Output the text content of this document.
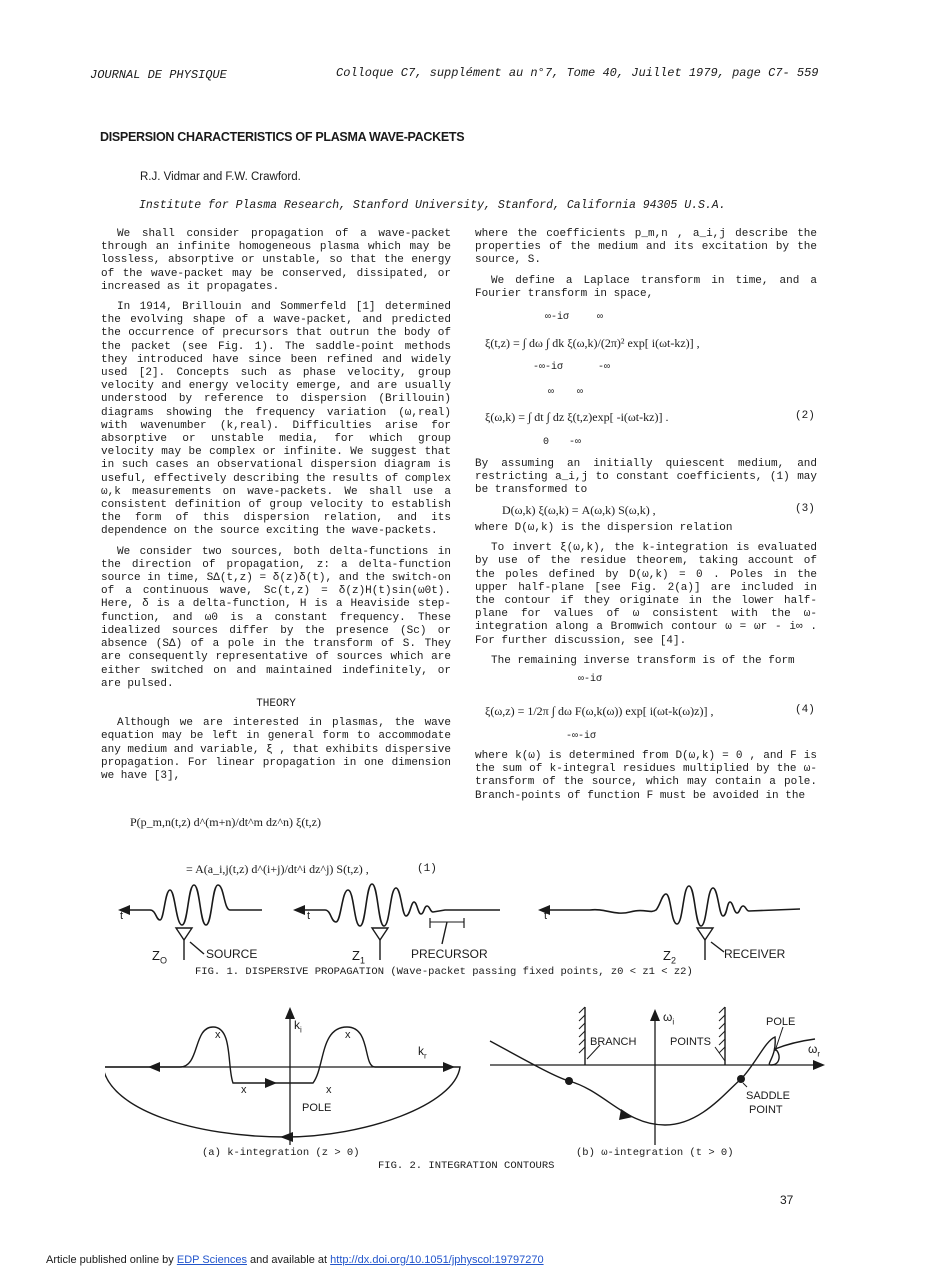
JOURNAL DE PHYSIQUE	Colloque C7, supplément au n°7, Tome 40, Juillet 1979, page C7- 559
DISPERSION CHARACTERISTICS OF PLASMA WAVE-PACKETS
R.J. Vidmar and F.W. Crawford.
Institute for Plasma Research, Stanford University, Stanford, California 94305 U.S.A.

We shall consider propagation of a wave-packet through an infinite homogeneous plasma which may be lossless, absorptive or unstable, so that the energy of the wave-packet may be conserved, dissipated, or increased as it propagates.

In 1914, Brillouin and Sommerfeld [1] determined the evolving shape of a wave-packet, and predicted the occurrence of precursors that outrun the body of the packet (see Fig. 1). The saddle-point methods they introduced have since been refined and widely used [2]. Concepts such as phase velocity, group velocity and energy velocity emerge, and are usually understood by reference to dispersion (Brillouin) diagrams showing the frequency variation (ω,real) with wavenumber (k,real). Difficulties arise for absorptive or unstable media, for which group velocity may be complex or infinite. We suggest that in such cases an observational dispersion diagram is useful, effectively describing the results of complex ω,k measurements on wave-packets. We shall use a consistent definition of group velocity to establish the form of this dispersion relation, and its dependence on the source exciting the wave-packets.

We consider two sources, both delta-functions in the direction of propagation, z: a delta-function source in time, SΔ(t,z) = δ(z)δ(t), and the switch-on of a continuous wave, Sc(t,z) = δ(z)H(t)sin(ω0t). Here, δ is a delta-function, H is a Heaviside step-function, and ω0 is a constant frequency. These idealized sources differ by the presence (Sc) or absence (SΔ) of a pole in the transform of S. They are consequently representative of sources which are either switched on and maintained indefinitely, or are pulsed.

THEORY

Although we are interested in plasmas, the wave equation may be left in general form to accommodate any medium and variable, ξ , that exhibits dispersive propagation. For linear propagation in one dimension we have [3],

P(p_m,n(t,z) d^(m+n)/dt^m dz^n) ξ(t,z)
= A(a_i,j(t,z) d^(i+j)/dt^i dz^j) S(t,z) ,	(1)

where the coefficients p_m,n , a_i,j describe the properties of the medium and its excitation by the source, S.

We define a Laplace transform in time, and a Fourier transform in space,

∞-iσ	∞
ξ(t,z) = ∫ dω ∫ dk ξ(ω,k)/(2π)² exp[ i(ωt-kz)] ,
-∞-iσ	-∞
∞ ∞
ξ(ω,k) = ∫ dt ∫ dz ξ(t,z)exp[ -i(ωt-kz)] .	(2)
0 -∞

By assuming an initially quiescent medium, and restricting a_i,j to constant coefficients, (1) may be transformed to

D(ω,k) ξ(ω,k) = A(ω,k) S(ω,k) ,	(3)

where D(ω,k) is the dispersion relation

To invert ξ(ω,k), the k-integration is evaluated by use of the residue theorem, taking account of the poles defined by D(ω,k) = 0 . Poles in the upper half-plane [see Fig. 2(a)] are included in the contour if they originate in the lower half-plane for values of ω consistent with the ω-integration along a Bromwich contour ω = ωr - i∞ . For further discussion, see [4].

The remaining inverse transform is of the form

∞-iσ
ξ(ω,z) = 1/2π ∫ dω F(ω,k(ω)) exp[ i(ωt-k(ω)z)] ,	(4)
-∞-iσ

where k(ω) is determined from D(ω,k) = 0 , and F is the sum of k-integral residues multiplied by the ω-transform of the source, which may contain a pole. Branch-points of function F must be avoided in the

t	t	t
$Z_O$	SOURCE	$Z_1$	PRECURSOR	$Z_2$	RECEIVER
FIG. 1. DISPERSIVE PROPAGATION (Wave-packet passing fixed points, z0 < z1 < z2)
$k_i$
$k_r$
x	x
x	x
POLE
(a) k-integration (z > 0)
$\omega_i$
$\omega_r$
BRANCH	POINTS
POLE
SADDLE
POINT
(b) ω-integration (t > 0)
FIG. 2. INTEGRATION CONTOURS
37
Article published online by EDP Sciences and available at http://dx.doi.org/10.1051/jphyscol:19797270
